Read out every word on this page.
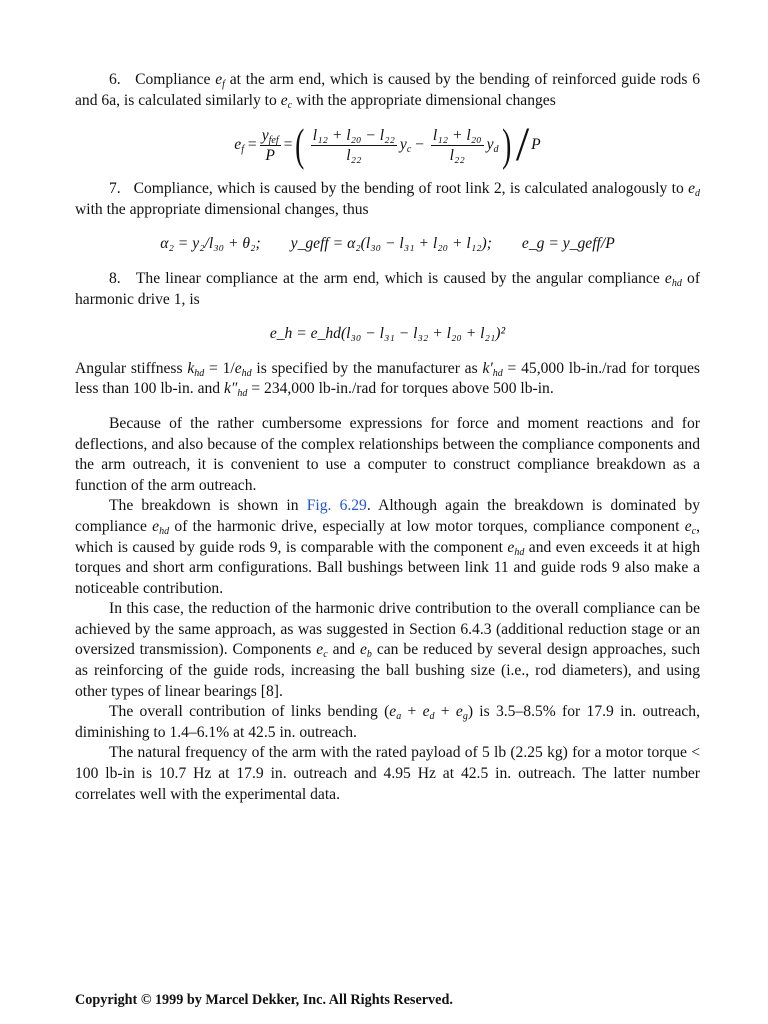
6. Compliance $e_f$ at the arm end, which is caused by the bending of reinforced guide rods 6 and 6a, is calculated similarly to $e_c$ with the appropriate dimensional changes

$e_f$
= $\frac{y_{fef}}{P}$ = ( $\frac{\text{l₁₂ + l₂₀ − l₂₂}}{\text{l₂₂}} y_c$
−
$\frac{\text{l₁₂ + l₂₀}}{\text{l₂₂}} y_d$ ) / P

7. Compliance, which is caused by the bending of root link 2, is calculated analogously to $e_d$ with the appropriate dimensional changes, thus

α₂ = y₂/l₃₀ + θ₂; y_geff = α₂(l₃₀ − l₃₁ + l₂₀ + l₁₂); e_g = y_geff/P

8. The linear compliance at the arm end, which is caused by the angular compliance $e_{hd}$ of harmonic drive 1, is

e_h = e_hd(l₃₀ − l₃₁ − l₃₂ + l₂₀ + l₂₁)²

Angular stiffness $k_{hd} = 1/e_{hd}$ is specified by the manufacturer as $k'_{hd} = 45,000$ lb-in./rad for torques less than 100 lb-in. and $k''_{hd} = 234,000$ lb-in./rad for torques above 500 lb-in.

Because of the rather cumbersome expressions for force and moment reactions and for deflections, and also because of the complex relationships between the compliance components and the arm outreach, it is convenient to use a computer to construct compliance breakdown as a function of the arm outreach.

The breakdown is shown in Fig. 6.29. Although again the breakdown is dominated by compliance $e_{hd}$ of the harmonic drive, especially at low motor torques, compliance component $e_c$, which is caused by guide rods 9, is comparable with the component $e_{hd}$ and even exceeds it at high torques and short arm configurations. Ball bushings between link 11 and guide rods 9 also make a noticeable contribution.

In this case, the reduction of the harmonic drive contribution to the overall compliance can be achieved by the same approach, as was suggested in Section 6.4.3 (additional reduction stage or an oversized transmission). Components $e_c$ and $e_b$ can be reduced by several design approaches, such as reinforcing of the guide rods, increasing the ball bushing size (i.e., rod diameters), and using other types of linear bearings [8].

The overall contribution of links bending $(e_a + e_d + e_g)$ is 3.5–8.5% for 17.9 in. outreach, diminishing to 1.4–6.1% at 42.5 in. outreach.

The natural frequency of the arm with the rated payload of 5 lb (2.25 kg) for a motor torque < 100 lb-in is 10.7 Hz at 17.9 in. outreach and 4.95 Hz at 42.5 in. outreach. The latter number correlates well with the experimental data.

Copyright © 1999 by Marcel Dekker, Inc. All Rights Reserved.
